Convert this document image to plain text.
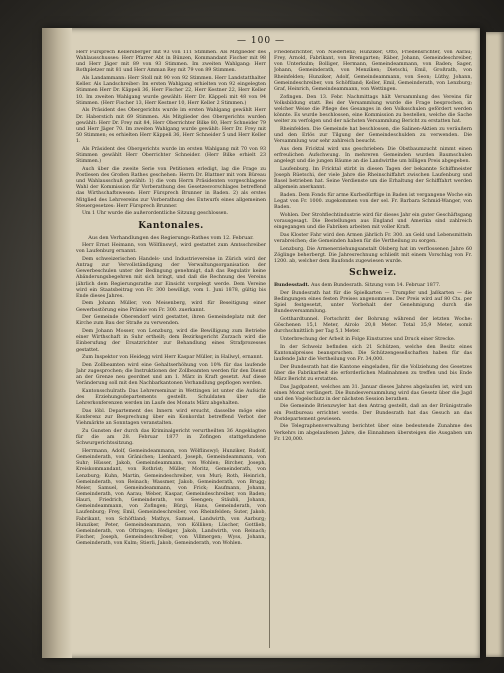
— 100 —

Herr Fürsprech Kellersberger mit 93 von 111 Stimmen. Als Mitglieder des Wahlausschusses: Herr Pfarrer Abt in Bünzen, Kommandant Fischer mit 98 und Herr Jäger mit 89 von 93 Stimmen. Im zweiten Wahlgang: Herr Rothpletzer mit 81 und Herr Amman Rey mit 79 von 89 Stimmen.

Als Landammann: Herr Stoll mit 90 von 92 Stimmen. Herr Landstatthalter Keller. Als Landschreiber: Im ersten Wahlgang erhielten von 92 eingelegten Stimmen Herr Dr. Käppeli 36, Herr Fischer 22, Herr Kestner 22, Herr Keller 10. Im zweiten Wahlgang wurde gewählt: Herr Dr. Käppeli mit 48 von 94 Stimmen. (Herr Fischer 13, Herr Kestner 10, Herr Keller 2 Stimmen.)

Als Präsident des Obergerichts wurde im ersten Wahlgang gewählt Herr Dr. Haberstich mit 69 Stimmen. Als Mitglieder des Obergerichts wurden gewählt: Herr Dr. Frey mit 84, Herr Oberrichter Bilke 80, Herr Schneider 79 und Herr Jäger 70. Im zweiten Wahlgang wurde gewählt: Herr Dr. Frey mit 50 Stimmen; es erhielten Herr Käppeli 36, Herr Schneider 5 und Herr Keller 1.

Als Präsident des Obergerichts wurde im ersten Wahlgang mit 70 von 93 Stimmen gewählt Herr Oberrichter Schneider. (Herr Bilke erhielt 23 Stimmen.)

Auch über die zweite Serie von Petitionen erledigt, lag die Frage zu Postlesen des Großen Rathes geschehen: Herrn Dr. Blattner mit vom Büreau und Wahlausschuß gewählt: 1) die vom Herrn Präsidenten vorgeschlagene Wahl der Kommission für Vorberathung des Gesetzesvorschlages betreffend das Wirthschaftswesen: Herr Fürsprech Brunner in Baden. 2) als erstes Mitglied des Lehrvereins zur Vorberathung des Entwurfs eines allgemeinen Steuergesetzes: Herr Fürsprech Brunner.

Um 1 Uhr wurde die außerordentliche Sitzung geschlossen.

Kantonales.
Aus den Verhandlungen des Regierungs-Rathes vom 12. Februar.

Herr Ernst Heimann, von Wölflinswyl, wird gestattet zum Amtsschreiber von Laufenburg ernannt.

Dem schweizerischen Handels- und Industrievereine in Zürich wird der Antrag zur Vervollständigung der Verwaltungsorganisation der Gewerbeschulen unter der Bedingung genehmigt, daß das Regulativ keine Abänderungsbegehren mit sich bringt, und daß die Rechnung des Vereins jährlich dem Regierungsrathe zur Einsicht vorgelegt werde. Dem Vereine wird ein Staatsbeitrag von Fr. 300 bewilligt, vom 1. Juni 1878, gültig bis Ende dieses Jahres.

Dem Johann Müller, von Meisenberg, wird für Beseitigung einer Gewerbsstörung eine Prämie von Fr. 300. zuerkannt.

Der Gemeinde Oberendorf wird gestattet, ihren Gemeindeplatz mit der Kirche zum Bau der Straße zu verwenden.

Dem Johann Mosser, von Lenzburg, wird die Bewilligung zum Betriebe einer Wirthschaft in Suhr ertheilt; dem Bezirksgericht Zurzach wird die Einberufung der Ersatzrichter zur Behandlung eines Strafprozesses gestattet.

Zum Inspektor von Heidegg wird Herr Kaspar Müller, in Hallwyl, ernannt.

Den Zollbeamten wird eine Gehaltserhöhung von 10% für das laufende Jahr zugesprochen; die Instruktionen der Zollbeamten werden für den Dienst an der Grenze neu geordnet und am 1. März in Kraft gesetzt. Auf diese Veränderung soll mit den Nachbarkantonen Verhandlung gepflogen werden.

Kantonsschulrath: Das Lehrerseminar in Wettingen ist unter die Aufsicht des Erziehungsdepartements gestellt. Schuldaten über die Lehrerkonferenzen werden im Laufe des Monats März abgehalten.

Das löbl. Departement des Innern wird ersucht, dasselbe möge eine Konferenz zur Besprechung über ein Konkordat betreffend Verbot der Viehmärkte an Sonntagen veranstalten.

Zu Gunsten der durch das Kriminalgericht verurtheilten 36 Angeklagten für die am 28. Februar 1877 in Zofingen stattgefundene Schwurgerichtssitzung.

Herrmann, Adolf, Gemeindeammann, von Wölflinswyl; Hunziker, Rudolf, Gemeinderath, von Gränichen; Lienhard, Joseph, Gemeindeammann, von Suhr; Hüsser, Jakob, Gemeindeammann, von Wohlen; Bircher, Joseph, Kreiskommandant, von Rothrist; Müller, Moritz, Gemeinderath, von Lenzburg; Kuhn, Martin, Gemeindeschreiber, von Muri; Roth, Heinrich, Gemeinderath, von Reinach; Wassmer, Jakob, Gemeinderath, von Brugg; Meier, Samuel, Gemeindeammann, von Frick; Kaufmann, Johann, Gemeinderath, von Aarau; Weber, Kaspar, Gemeindeschreiber, von Baden; Hauri, Friedrich, Gemeinderath, von Seengen; Stäubli, Johann, Gemeindeammann, von Zofingen; Bürgi, Hans, Gemeinderath, von Laufenburg; Frey, Emil, Gemeindeschreiber, von Rheinfelden; Suter, Jakob, Fabrikant, von Schöftland; Mathys, Samuel, Landwirth, von Aarburg; Hunziker, Peter, Gemeindeammann, von Kölliken; Lüscher, Gottlieb, Gemeinderath, von Oftringen; Hediger, Jakob, Landwirth, von Reinach; Fischer, Joseph, Gemeindeschreiber, von Villmergen; Wyss, Johann, Gemeinderath, von Kulm; Stierli, Jakob, Gemeinderath, von Wohlen.

Friedensrichter, von Niederlenz; Hunziker, Otto, Friedensrichter, von Aarau; Frey, Arnold, Fabrikant, von Bremgarten; Räber, Johann, Gemeindeschreiber, von Unterkulm; Bolliger, Hermann, Gemeindeammann, von Baden; Sager, Johann, Gemeinderath, von Menziken; Dietschi, Emil, Großrath, von Rheinfelden; Hunziker, Adolf, Gemeindeammann, von Seon; Lüthy, Johann, Gemeindeschreiber, von Schöftland; Keller, Emil, Gemeinderath, von Lenzburg; Graf, Heinrich, Gemeindeammann, von Wettingen.

Zofingen. Den 13. Febr. Nachmittags hält Versammlung des Vereins für Volksbildung statt. Bei der Versammlung wurde die Frage besprochen, in welcher Weise die Pflege des Gesanges in den Volksschulen gefördert werden könnte. Es wurde beschlossen, eine Kommission zu bestellen, welche die Sache weiter zu verfolgen und der nächsten Versammlung Bericht zu erstatten hat.

Rheinfelden. Die Gemeinde hat beschlossen, die Salinen-Aktien zu veräußern und den Erlös zur Tilgung der Gemeindeschulden zu verwenden. Die Versammlung war sehr zahlreich besucht.

Aus dem Fricktal wird uns geschrieben: Die Obstbaumzucht nimmt einen erfreulichen Aufschwung. In mehreren Gemeinden wurden Baumschulen angelegt und die jungen Bäume an die Landwirthe um billigen Preis abgegeben.

Laufenburg. Im Fricktal stirbt in diesen Tagen der bekannte Schiffmeister Joseph Rüetschi, der viele Jahre die Rheinschiffahrt zwischen Laufenburg und Basel betrieben hat. Seine Verdienste um die Erhaltung der Schifffahrt werden allgemein anerkannt.

Baden. Dem Fonds für arme Kurbedürftige in Baden ist vergangene Woche ein Legat von Fr. 1000. zugekommen von der sel. Fr. Barbara Schmid-Wanger, von Baden.

Wohlen. Der Strohflechtindustrie wird für dieses Jahr ein guter Geschäftsgang vorausgesagt. Die Bestellungen aus England und Amerika sind zahlreich eingegangen und die Fabriken arbeiten mit voller Kraft.

Das Kloster Fahr wird den Armen jährlich Fr. 300. an Geld und Lebensmitteln verabreichen; die Gemeinden haben für die Vertheilung zu sorgen.

Lenzburg. Die Armenerziehungsanstalt Olsberg hat im verflossenen Jahre 60 Zöglinge beherbergt. Die Jahresrechnung schließt mit einem Vorschlag von Fr. 1200. ab, welcher dem Baufonds zugewiesen wurde.

Schweiz.

Bundesstadt. Aus dem Bundesrath. Sitzung vom 14. Februar 1877.

Der Bundesrath hat für die Spielkarten — Trumpfer und Jaßkarten — die Bedingungen eines festen Preises angenommen. Der Preis wird auf 80 Cts. per Spiel festgesetzt, unter Vorbehalt der Genehmigung durch die Bundesversammlung.

Gotthardtunnel. Fortschritt der Bohrung während der letzten Woche: Göschenen 15,1 Meter, Airolo 20,8 Meter. Total 35,9 Meter, somit durchschnittlich per Tag 5,1 Meter.

Unterbrechung der Arbeit in Folge Einsturzes und Druck einer Strecke.

In der Schweiz befinden sich 21 Schützen, welche den Besitz eines Kantonalpreises beanspruchen. Die Schützengesellschaften haben für das laufende Jahr die Vertheilung von Fr. 34,000.

Der Bundesrath hat die Kantone eingeladen, für die Vollziehung des Gesetzes über die Fabrikarbeit die erforderlichen Maßnahmen zu treffen und bis Ende März Bericht zu erstatten.

Das Jagdpatent, welches am 31. Januar dieses Jahres abgelaufen ist, wird um einen Monat verlängert. Die Bundesversammlung wird das Gesetz über die Jagd und den Vogelschutz in der nächsten Session berathen.

Die Gemeinde Brienzwyler hat den Antrag gestellt, daß an der Brünigstraße ein Postbureau errichtet werde. Der Bundesrath hat das Gesuch an das Postdepartement gewiesen.

Die Telegraphenverwaltung berichtet über eine bedeutende Zunahme des Verkehrs im abgelaufenen Jahre, die Einnahmen übersteigen die Ausgaben um Fr. 120,000.
